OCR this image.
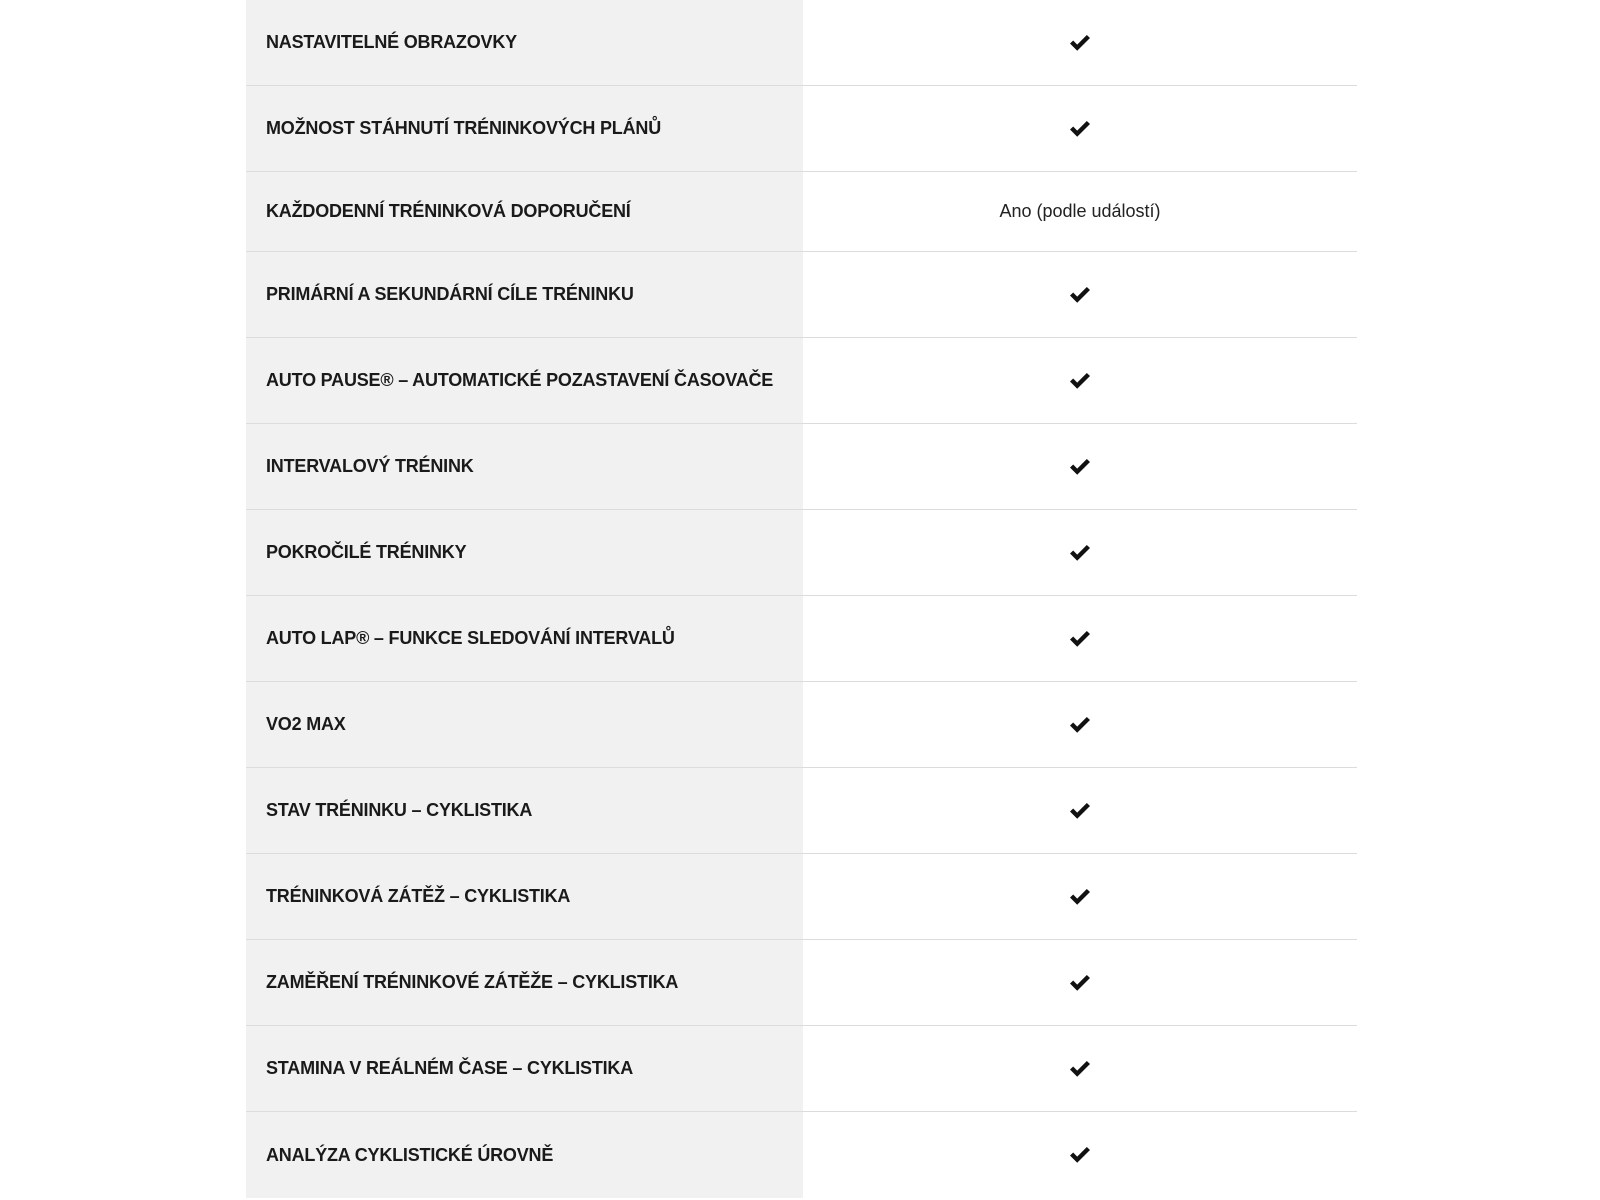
NASTAVITELNÉ OBRAZOVKY
MOŽNOST STÁHNUTÍ TRÉNINKOVÝCH PLÁNŮ
KAŽDODENNÍ TRÉNINKOVÁ DOPORUČENÍ	Ano (podle událostí)
PRIMÁRNÍ A SEKUNDÁRNÍ CÍLE TRÉNINKU
AUTO PAUSE® – AUTOMATICKÉ POZASTAVENÍ ČASOVAČE
INTERVALOVÝ TRÉNINK
POKROČILÉ TRÉNINKY
AUTO LAP® – FUNKCE SLEDOVÁNÍ INTERVALŮ
VO2 MAX
STAV TRÉNINKU – CYKLISTIKA
TRÉNINKOVÁ ZÁTĚŽ – CYKLISTIKA
ZAMĚŘENÍ TRÉNINKOVÉ ZÁTĚŽE – CYKLISTIKA
STAMINA V REÁLNÉM ČASE – CYKLISTIKA
ANALÝZA CYKLISTICKÉ ÚROVNĚ
